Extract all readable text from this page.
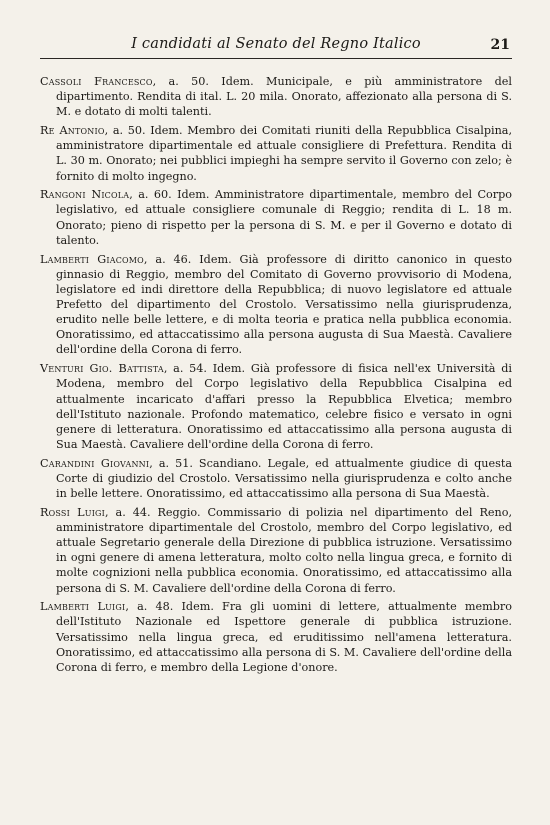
I candidati al Senato del Regno Italico	21

Cassoli Francesco, a. 50. Idem. Municipale, e più amministratore del dipartimento. Rendita di ital. L. 20 mila. Onorato, affezionato alla persona di S. M. e dotato di molti talenti.

Re Antonio, a. 50. Idem. Membro dei Comitati riuniti della Repubblica Cisalpina, amministratore dipartimentale ed attuale consigliere di Prefettura. Rendita di L. 30 m. Onorato; nei pubblici impieghi ha sempre servito il Governo con zelo; è fornito di molto ingegno.

Rangoni Nicola, a. 60. Idem. Amministratore dipartimentale, membro del Corpo legislativo, ed attuale consigliere comunale di Reggio; rendita di L. 18 m. Onorato; pieno di rispetto per la persona di S. M. e per il Governo e dotato di talento.

Lamberti Giacomo, a. 46. Idem. Già professore di diritto canonico in questo ginnasio di Reggio, membro del Comitato di Governo provvisorio di Modena, legislatore ed indi direttore della Repubblica; di nuovo legislatore ed attuale Prefetto del dipartimento del Crostolo. Versatissimo nella giurisprudenza, erudito nelle belle lettere, e di molta teoria e pratica nella pubblica economia. Onoratissimo, ed attaccatissimo alla persona augusta di Sua Maestà. Cavaliere dell'ordine della Corona di ferro.

Venturi Gio. Battista, a. 54. Idem. Già professore di fisica nell'ex Università di Modena, membro del Corpo legislativo della Repubblica Cisalpina ed attualmente incaricato d'affari presso la Repubblica Elvetica; membro dell'Istituto nazionale. Profondo matematico, celebre fisico e versato in ogni genere di letteratura. Onoratissimo ed attaccatissimo alla persona augusta di Sua Maestà. Cavaliere dell'ordine della Corona di ferro.

Carandini Giovanni, a. 51. Scandiano. Legale, ed attualmente giudice di questa Corte di giudizio del Crostolo. Versatissimo nella giurisprudenza e colto anche in belle lettere. Onoratissimo, ed attaccatissimo alla persona di Sua Maestà.

Rossi Luigi, a. 44. Reggio. Commissario di polizia nel dipartimento del Reno, amministratore dipartimentale del Crostolo, membro del Corpo legislativo, ed attuale Segretario generale della Direzione di pubblica istruzione. Versatissimo in ogni genere di amena letteratura, molto colto nella lingua greca, e fornito di molte cognizioni nella pubblica economia. Onoratissimo, ed attaccatissimo alla persona di S. M. Cavaliere dell'ordine della Corona di ferro.

Lamberti Luigi, a. 48. Idem. Fra gli uomini di lettere, attualmente membro dell'Istituto Nazionale ed Ispettore generale di pubblica istruzione. Versatissimo nella lingua greca, ed eruditissimo nell'amena letteratura. Onoratissimo, ed attaccatissimo alla persona di S. M. Cavaliere dell'ordine della Corona di ferro, e membro della Legione d'onore.
